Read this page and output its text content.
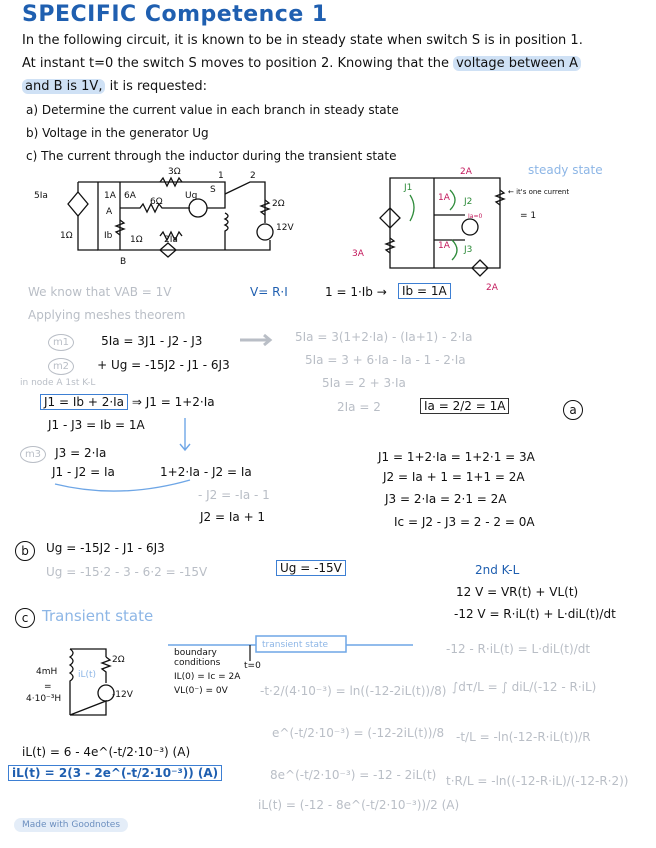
SPECIFIC Competence 1
In the following circuit, it is known to be in steady state when switch S is in position 1.
At instant t=0 the switch S moves to position 2. Knowing that the voltage between A
and B is 1V, it is requested:
a) Determine the current value in each branch in steady state
b) Voltage in the generator Ug
c) The current through the inductor during the transient state
5Ia
1Ω
1A 6A
A
6Ω
Ug
3Ω
S
1	2
2Ω
12V
Ib 1Ω 2Ia
B
steady state
← it's one current
= 1
2A
J1
J2
J3
1A
1A
Ia=0
3A
2A
We know that VAB = 1V	V= R·I	1 = 1·Ib →	Ib = 1A
Applying meshes theorem
m1	5Ia = 3J1 - J2 - J3
m2 + Ug = -15J2 - J1 - 6J3
5Ia = 3(1+2·Ia) - (Ia+1) - 2·Ia
5Ia = 3 + 6·Ia - Ia - 1 - 2·Ia
5Ia = 2 + 3·Ia
2Ia = 2	Ia = 2/2 = 1A	a
in node A 1st K-L
J1 = Ib + 2·Ia ⇒ J1 = 1+2·Ia
J1 - J3 = Ib = 1A
m3 J3 = 2·Ia
J1 - J2 = Ia	1+2·Ia - J2 = Ia
- J2 = -Ia - 1
J2 = Ia + 1
J1 = 1+2·Ia = 1+2·1 = 3A
J2 = Ia + 1 = 1+1 = 2A
J3 = 2·Ia = 2·1 = 2A
Ic = J2 - J3 = 2 - 2 = 0A
b	Ug = -15J2 - J1 - 6J3
Ug = -15·2 - 3 - 6·2 = -15V	Ug = -15V
c Transient state
2nd K-L
12 V = VR(t) + VL(t)
-12 V = R·iL(t) + L·diL(t)/dt
4mH
=
4·10⁻³H
iL(t)
2Ω
-12V
transient state
t=0
boundary
conditions
IL(0) = Ic = 2A
VL(0⁻) = 0V
-12 - R·iL(t) = L·diL(t)/dt
∫dτ/L = ∫ diL/(-12 - R·iL)
-t/L = -ln(-12-R·iL(t))/R
t·R/L = -ln((-12-R·iL)/(-12-R·2))
-t·2/(4·10⁻³) = ln((-12-2iL(t))/8)
e^(-t/2·10⁻³) = (-12-2iL(t))/8
8e^(-t/2·10⁻³) = -12 - 2iL(t)
iL(t) = (-12 - 8e^(-t/2·10⁻³))/2 (A)
iL(t) = 6 - 4e^(-t/2·10⁻³) (A)
iL(t) = 2(3 - 2e^(-t/2·10⁻³)) (A)
Made with Goodnotes
